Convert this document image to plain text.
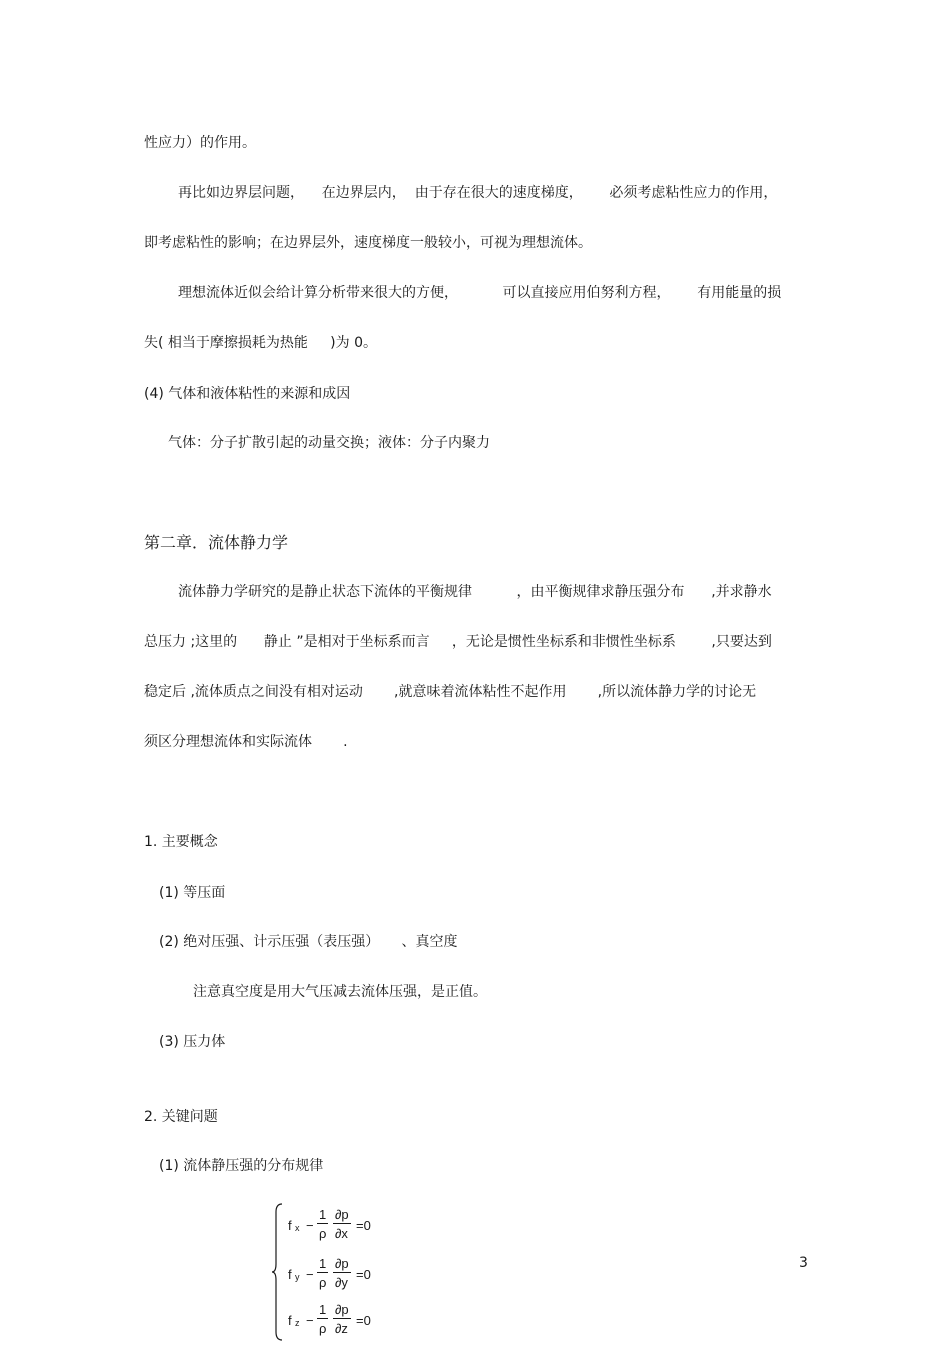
性应力）的作用。
再比如边界层问题，    在边界层内，  由于存在很大的速度梯度，      必须考虑粘性应力的作用，
即考虑粘性的影响；在边界层外，速度梯度一般较小，可视为理想流体。
理想流体近似会给计算分析带来很大的方便，          可以直接应用伯努利方程，      有用能量的损
失( 相当于摩擦损耗为热能     )为 0。
(4) 气体和液体粘性的来源和成因
气体：分子扩散引起的动量交换；液体：分子内聚力
第二章．流体静力学
流体静力学研究的是静止状态下流体的平衡规律          ，由平衡规律求静压强分布      ,并求静水
总压力 ;这里的      静止 ”是相对于坐标系而言     ，无论是惯性坐标系和非惯性坐标系        ,只要达到
稳定后 ,流体质点之间没有相对运动       ,就意味着流体粘性不起作用       ,所以流体静力学的讨论无
须区分理想流体和实际流体       .
1. 主要概念
(1) 等压面
(2) 绝对压强、计示压强（表压强）     、真空度
注意真空度是用大气压减去流体压强，是正值。
(3) 压力体
2. 关键问题
(1) 流体静压强的分布规律
f x −
1
ρ
∂p
∂x
=0
f y −
1
ρ
∂p
∂y
=0
f z −
1
ρ
∂p
∂z
=0
3
